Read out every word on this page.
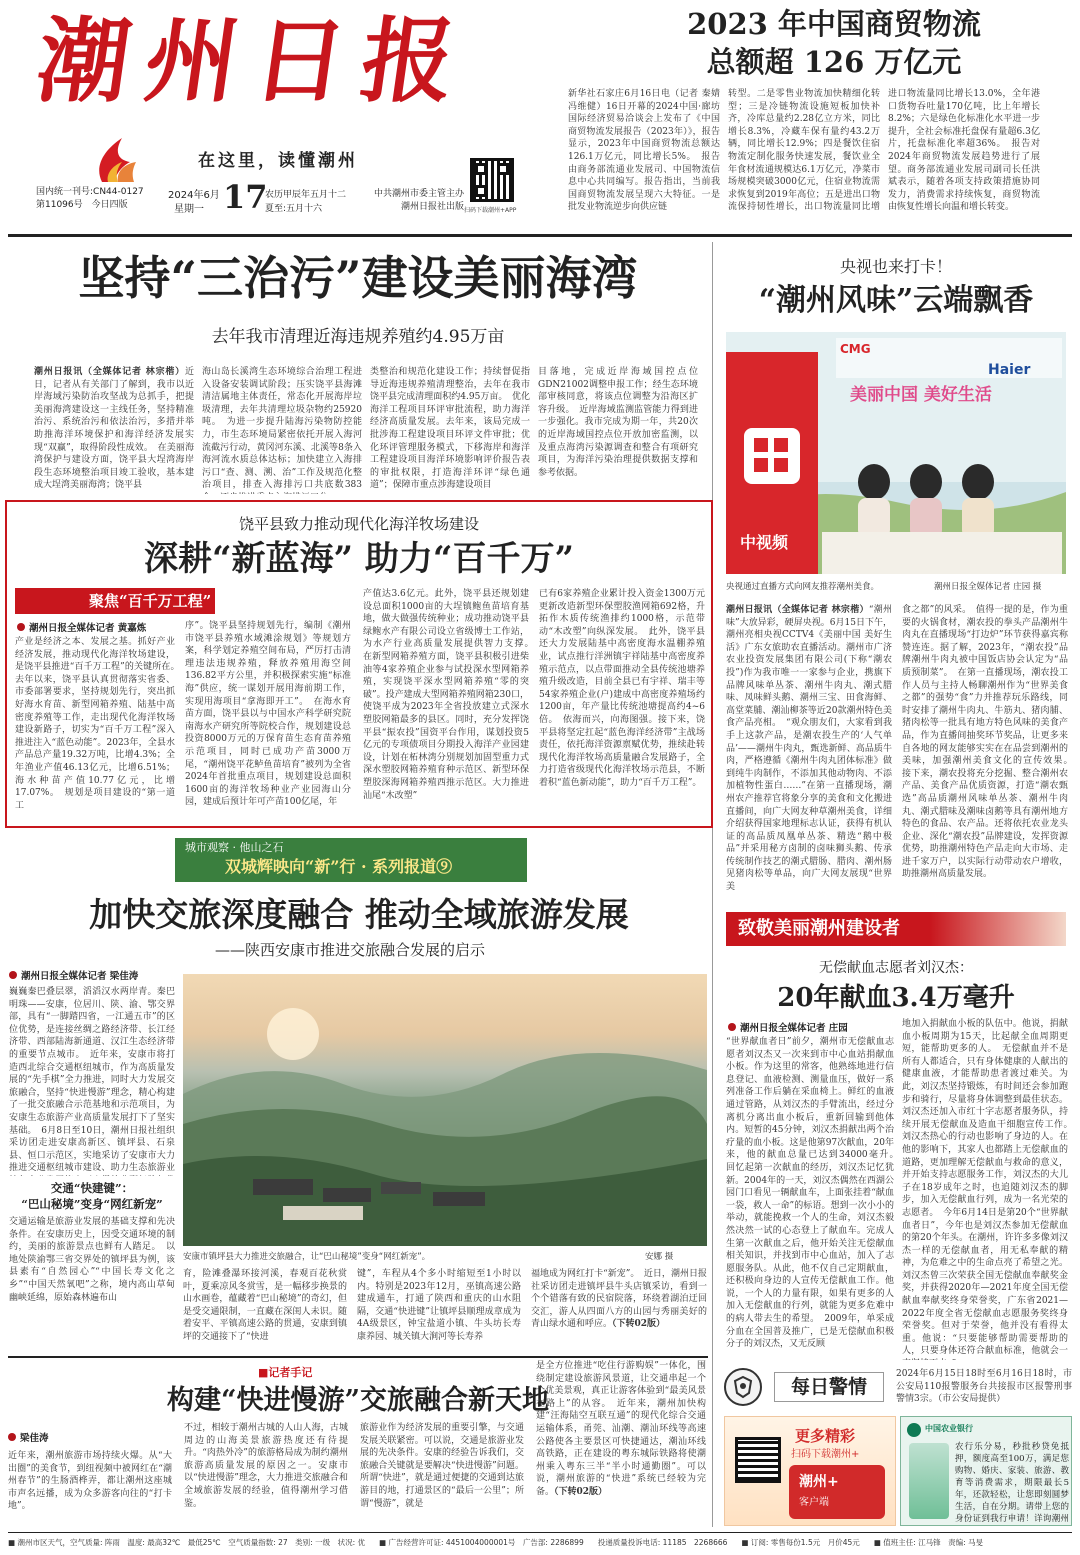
潮州日报
在这里，读懂潮州
国内统一刊号:CN44-0127
第11096号　今日四版
2024年6月
星期一 17
农历甲辰年五月十二
夏至:五月十六
中共潮州市委主管主办
潮州日报社出版 扫码下载潮州+APP
2023 年中国商贸物流
总额超 126 万亿元
新华社石家庄6月16日电（记者 秦婧 冯维健）16日开幕的2024中国·廊坊国际经济贸易洽谈会上发布了《中国商贸物流发展报告（2023年）》，报告显示，2023年中国商贸物流总额达126.1万亿元，同比增长5%。　报告由商务部流通业发展司、中国物流信息中心共同编写。报告指出，当前我国商贸物流发展呈现六大特征。一是批发业物流逆步向供应链
转型。二是零售业物流加快精细化转型；三是冷链物流设施短板加快补齐，冷库总量约2.28亿立方米，同比增长8.3%，冷藏车保有量约43.2万辆，同比增长12.9%；四是餐饮住宿物流定制化服务快速发展，餐饮业全年食材流通规模达6.1万亿元，净菜市场规模突破3000亿元，住宿业物流需求恢复到2019年高位；五是进出口物流保持韧性增长，出口物流量同比增
进口物流量同比增长13.0%，全年港口货物吞吐量170亿吨，比上年增长8.2%；六是绿色化标准化水平进一步提升，全社会标准托盘保有量超6.3亿片，托盘标准化率超36%。　报告对2024年商贸物流发展趋势进行了展望。商务部流通业发展司副司长任洪斌表示，随着各项支持政策措施协同发力，消费需求持续恢复，商贸物流由恢复性增长向温和增长转变。
坚持“三治污”建设美丽海湾
去年我市清理近海违规养殖约4.95万亩
潮州日报讯（全媒体记者 林宗楷）近日，记者从有关部门了解到，我市以近岸海域污染防治攻坚战为总抓手，把提美丽海湾建设这一主线任务，坚持精准治污、系统治污和依法治污，多措并举助推海洋环境保护和海洋经济发展实现“双赢”，取得阶段性成效。　在美丽海湾保护与建设方面，饶平县大埕湾海岸段生态环境整治项目竣工验收，基本建成大埕湾美丽海湾；饶平县
海山岛长溪湾生态环境综合治理工程进入设备安装调试阶段；压实饶平县海滩清洁属地主体责任，常态化开展海岸垃圾清理，去年共清理垃圾杂物约25920吨。　为进一步提升陆海污染物防控能力，市生态环境局紧密依托开展入海河流截污行动，黄冈河东溪、北溪等8条入海河流水质总体达标；加快建立入海排污口“查、测、溯、治”工作及规范化整治项目，排查入海排污口共底数383
类整治和规范化建设工作；持续督促指导近海违规养殖清理整治，去年在我市饶平县完成清理面积约4.95万亩。　优化海洋工程项目环评审批流程，助力海洋经济高质量发展。去年来，该局完成一批涉海工程建设项目环评文件审批；优化环评管理服务模式，下移海岸和海洋工程建设项目海洋环境影响评价报告表的审批权限，打造海洋环评“绿色通道”；保障市重点涉海建设项目
目落地，完成近岸海域国控点位GDN21002调整申报工作；经生态环境部审核同意，将该点位调整为沿海区扩容升级。　近岸海域监测监管能力得到进一步强化。我市完成为期一年，共20次的近岸海域国控点位开放加密监测，以及重点海湾污染源调查和整合有项研究项目，为海洋污染治理提供数据支撑和参考依据。
饶平县致力推动现代化海洋牧场建设
深耕“新蓝海” 助力“百千万”
聚焦“百千万工程”
潮州日报全媒体记者 黄嘉炼
产业是经济之本、发展之基。抓好产业经济发展，推动现代化海洋牧场建设，是饶平县推进“百千万工程”的关键所在。　去年以来，饶平县认真贯彻落实省委、市委部署要求，坚持规划先行，突出抓好海水育苗、新型网箱养殖、陆基中高密度养殖等工作，走出现代化海洋牧场建设新路子，切实为“百千万工程”深入推进注入“蓝色动能”。2023年，全县水产品总产量19.32万吨，比增4.3%；全年渔业产值46.13亿元，比增6.51%；海水种苗产值10.77亿元，比增17.07%。　规划是项目建设的“第一道工
序”。饶平县坚持规划先行，编制《潮州市饶平县养殖水域滩涂规划》等规划方案，科学划定养殖空间布局，严厉打击清理违法违规养殖，释放养殖用海空间136.82平方公里，并积极探索实施“标准海”供应，统一谋划开展用海前期工作，实现用海项目“拿海即开工”。　在海水育苗方面，饶平县以与中国水产科学研究院南海水产研究所等院校合作，规划建设总投资8000万元的万保育苗生态育苗养殖示范项目，同时已成功产苗3000万尾，“潮州饶平花鲈鱼苗培育”被列为全省2024年首批重点项目，规划建设总面积1600亩的海洋牧场种业产业园海山分园，建成后预计年可产苗100亿尾，年
产值达3.6亿元。此外，饶平县还规划建设总面积1000亩的大埕镇鲍鱼苗培育基地，做大做强传统种业；成功推动饶平县绿鲍水产有限公司设立省级博士工作站，为水产行业高质量发展提供智力支撑。　在新型网箱养殖方面，饶平县积极引进柴油等4家养殖企业参与试投深水型网箱养殖，实现饶平深水型网箱养殖“零的突破”。投产建成大型网箱养殖网箱230口，使饶平成为2023年全省投放建立式深水塑胶网箱最多的县区。同时，充分发挥饶平县“振农投”国资平台作用，谋划投资5亿元的专项债项目分期投入海洋产业园建设，计划在柘林湾分别规划加固型重力式深水塑胶网箱养殖育种示范区、新型环保塑胶深海网箱养殖西推示范区。大力推进汕尾“木改塑”
已有6家养殖企业累计投入资金1300万元更新改造新型环保塑胶渔网箱692格，升拓作木质传统渔排约1000格，示范带动“木改塑”向纵深发展。　此外，饶平县还大力发展陆基中高密度海水温棚养殖业，试点推行洋洲镇宇祥陆基中高密度养殖示范点，以点带面推动全县传统池塘养殖升级改造，目前全县已有宇祥、瑞丰等54家养殖企业(户)建成中高密度养殖场约1200亩，年产量比传统池塘提高约4~6倍。　依海而兴，向海图强。接下来，饶平县将坚定扛起“蓝色海洋经济带”主战场责任，依托海洋资源禀赋优势，推续赴转现代化海洋牧场高质量融合发展路子，全力打造省级现代化海洋牧场示范县，不断着积“蓝色新动能”，助力“百千万工程”。
城市观察 · 他山之石
双城辉映向“新”行 · 系列报道⑨
加快交旅深度融合 推动全域旅游发展
——陕西安康市推进交旅融合发展的启示
潮州日报全媒体记者 梁佳涛
巍巍秦巴叠层翠，滔滔汉水两岸青。秦巴明珠——安康，位居川、陕、渝、鄂交界部，具有“一脚踏四省，一江通五市”的区位优势，是连接丝绸之路经济带、长江经济带、西部陆海新通道、汉江生态经济带的重要节点城市。　近年来，安康市将打造西北综合交通枢纽城市，作为高质量发展的“先手棋”全力推进，同时大力发展交旅融合，坚持“快进慢游”理念，精心构建了一批交旅融合示范基地和示范项目，为安康生态旅游产业高质量发展打下了坚实基础。　6月8日至10日，潮州日报社组织采访团走进安康高新区、镇坪县、石泉县、恒口示范区，实地采访了安康市大力推进交通枢纽城市建设、助力生态旅游业
交通“快建键”：
“巴山秘境”变身“网红新宠”
交通运输是旅游业发展的基础支撑和先决条件。在安康历史上，因受交通环境的制约，美丽的旅游景点也鲜有人踏足。　以地处陕渝鄂三省交界处的镇坪县为例，该县素有“自然园心”“中国长寿文化之乡”“中国天然氧吧”之称，境内高山草甸幽峡延绵，原始森林遍布山
安康市镇坪县大力推进交旅融合，让“巴山秘境”变身“网红新宠”。	安娜 摄
育，险滩叠瀑环接河溪，春观百花秋赏叶，夏乘凉风冬赏雪，是一幅移步换景的山水画卷，蕴藏着“巴山秘境”的奇幻，但是受交通限制，一直藏在深闺人未识。随着安平、平镇高速公路的贯通，安康到镇坪的交通接下了“快进
键”，车程从4个多小时缩短至1小时以内。特别是2023年12月，巫镇高速公路建成通车，打通了陕西和重庆的山水阻隔，交通“快进键”让镇坪县顺理成章成为4A级景区，钟宝盐道小镇、牛头坊长寿康养园、城关镇大涧河等长寿养
福地成为网红打卡“新宠”。　近日，潮州日报社采访团走进镇坪县牛头店镇采访，看到一个个错落有致的民宿院落，环绕着湖泊迂回交汇，游人从四面八方的山园与秀丽美好的青山绿水通和呼应。（下转02版）
■记者手记
构建“快进慢游”交旅融合新天地
梁佳涛
近年来，潮州旅游市场持续火爆。从“大出圈”的美食节，到纽视频中被网红在“潮州春节”的生肠酒桦弄，都让潮州这座城市声名远播，成为众多游客向往的“打卡地”。
不过，相较于潮州古城的人山人海，古城周边的山海美景旅游热度还有待提升。“肉热外冷”的旅游格局成为制约潮州旅游高质量发展的原因之一。安康市以“快进慢游”理念，大力推进交旅融合和全域旅游发展的经验，值得潮州学习借鉴。
旅游业作为经济发展的重要引擎，与交通发展关联紧密。可以说，交通是旅游业发展的先决条件。安康的经验告诉我们，交旅融合关键就是要解决“快进慢游”问题。所谓“快进”，就是通过便捷的交通到达旅游目的地，打通景区的“最后一公里”；所谓“慢游”，就是
是全方位推进“吃住行游购娱”一体化，围绕制定建设旅游风景道，让交通串起一个个优美景观，真正让游客体验到“最美风景在路上”的从容。　近年来，潮州加快构建“汪海陆空互联互通”的现代化综合交通运输体系，甬莞、汕潮、潮汕环线等高速公路使各主要景区可快捷通达，潮汕环线高铁路，正在建设的粤东城际铁路将使潮州乘入粤东三半“半小时通勤圈”。可以说，潮州旅游的“快进”系统已经较为完备。（下转02版）
央视也来打卡！
“潮州风味”云端飘香
CMG
Haier
美丽中国 美好生活
中视频
央视通过直播方式向网友推荐潮州美食。	潮州日报全媒体记者 庄园 摄
潮州日报讯（全媒体记者 林宗楷）“潮州味”大放异彩，硬屏央视。6月15日下午，潮州亮相央视CCTV4《美丽中国 美好生活》广东女旅助农直播活动。潮州市广济农业投资发展集团有限公司(下称“潮农投”)作为我市唯一一家参与企业，携旗下品牌风味单丛茶、潮州牛肉丸、潮式腊味、凤味鲜头鹅、潮州三宝、田食海鲜、高堂菜脯、潮汕柳茶等近20款潮州特色美食产品亮相。　“观众朋友们，大家看到我手上这款产品，是潮农投生产的‘人气单品’——潮州牛肉丸，甄选新鲜、高品质牛肉，严格遵循《潮州牛肉丸团体标准》做到纯牛肉制作，不添加其他动物肉、不添加植物性蛋白……”在第一直播现场，潮州农产推荐官将象分享的美食和文化搬进直播间，向广大网友种草潮州美食，详细介绍获得国家地理标志认证，获得有机认证的高品质凤凰单丛茶、精选“鹅中极品”并采用秘方卤制的卤味狮头鹅、传承传统制作技艺的潮式腊肠、腊肉、潮州肠见猪肉松等单品，向广大网友展现“世界美
食之都”的风采。　值得一提的是，作为重要的火锅食材，潮农投的拳头产品潮州牛肉丸在直播现场“打边炉”环节获得嘉宾称赞连连。据了解，2023年，“潮农投”品牌潮州牛肉丸被中国饭店协会认定为“品质预制菜”。　在第一直播现场，潮农投工作人员与主持人畅聊潮州作为“世界美食之都”的强势“食”力并推荐玩乐路线，同时安排了潮州牛肉丸、牛筋丸、猪肉脯、猪肉松等一批具有地方特色风味的美食产品，作为直播间抽奖环节奖品，让更多来自各地的网友能够实实在在品尝到潮州的美味，加强潮州美食文化的宣传效果。　接下来，潮农投将充分挖掘、整合潮州农产品、美食产品优质资源，打造“潮农甄选”高品质潮州风味单丛茶、潮州牛肉丸、潮式腊味及潮味卤鹅等具有潮州地方特色的食品、农产品。还将依托农业龙头企业、深化“潮农投”品牌建设，发挥资源优势，助推潮州特色产品走向大市场、走进千家万户，以实际行动带动农户增收，助推潮州高质量发展。
致敬美丽潮州建设者
无偿献血志愿者刘汉杰：
20年献血3.4万毫升
潮州日报全媒体记者 庄园
“世界献血者日”前夕，潮州市无偿献血志愿者刘汉杰又一次来到市中心血站捐献血小板。作为这里的常客，他熟练地进行信息登记、血液检测、测量血压，做好一系列准备工作后躺在采血椅上。鲜红的血液通过管路，从刘汉杰的手臂流出，经过分离机分离出血小板后，重新回输到他体内。短暂的45分钟，刘汉杰捐献出两个治疗量的血小板。这是他第97次献血，20年来，他的献血总量已达到34000毫升。　回忆起第一次献血的经历，刘汉杰记忆犹新。2004年的一天，刘汉杰偶然在西湖公园门口看见一辆献血车，上面张挂着“献血一袋，救人一命”的标语。想到一次小小的举动，就能挽救一个人的生命，刘汉杰毅然决然一试的心态登上了献血车。完成人生第一次献血之后，他开始关注无偿献血相关知识，并找到市中心血站，加入了志愿服务队。从此，他不仅自己定期献血，还积极向身边的人宣传无偿献血工作。他说，一个人的力量有限，如果有更多的人加入无偿献血的行列，就能为更多危难中的病人带去生的希望。　2009年，单采成分血在全国普及推广，已是无偿献血积极分子的刘汉杰，又无反顾
地加入捐献血小板的队伍中。他说，捐献血小板周期为15天，比起献全血周期更短，能帮助更多的人。　无偿献血并不是所有人都适合，只有身体健康的人献出的健康血液，才能帮助患者渡过难关。为此，刘汉杰坚持锻炼，有时间还会参加跑步和骑行，尽量将身体调整到最佳状态。刘汉杰还加入市红十字志愿者服务队，持续开展无偿献血及造血干细胞宣传工作。　刘汉杰热心的行动也影响了身边的人。在他的影响下，其家人也都踏上无偿献血的道路，更加理解无偿献血与救命的意义，并开始支持志愿服务工作，刘汉杰的大儿子在18岁成年之时，也追随刘汉杰的脚步，加入无偿献血行列，成为一名光荣的志愿者。　今年6月14日是第20个“世界献血者日”，今年也是刘汉杰参加无偿献血的第20个年头。在潮州，许许多多像刘汉杰一样的无偿献血者，用无私奉献的精神，为危难之中的生命点亮了希望之光。刘汉杰曾三次荣获全国无偿献血奉献奖金奖，并获得2020年—2021年度全国无偿献血奉献奖终身荣誉奖，广东省2021—2022年度全省无偿献血志愿服务奖终身荣誉奖。但对于荣誉，他并没有看得太重。他说：“只要能够帮助需要帮助的人，只要身体还符合献血标准，他就会一
每日警情
2024年6月15日18时至6月16日18时，市公安局110报警服务台共接报市区报警刑事警情3宗。（市公安局提供）
更多精彩
扫码下载潮州+
潮州+
客户端
中国农业银行
农行乐分易，秒批秒贷免抵押，额度高至100万，满足您购物、婚庆、家装、旅游、教育等消费需求，期限最长5年，还款轻松，让您即刻圆梦生活，自在分期。请带上您的身份证到我行申请！详询潮州
■ 潮州市区天气，空气质量: 阵雨　温度: 最高32℃　最低25℃　空气质量指数: 27　类别: 一级　状况: 优 ■ 广告经营许可证: 4451004000001号　广告部: 2286899 投递质量投诉电话: 11185　2268666 ■ 订阅: 零售每份1.5元　月价45元 ■ 值班主任: 江马锋　责编: 马旻
